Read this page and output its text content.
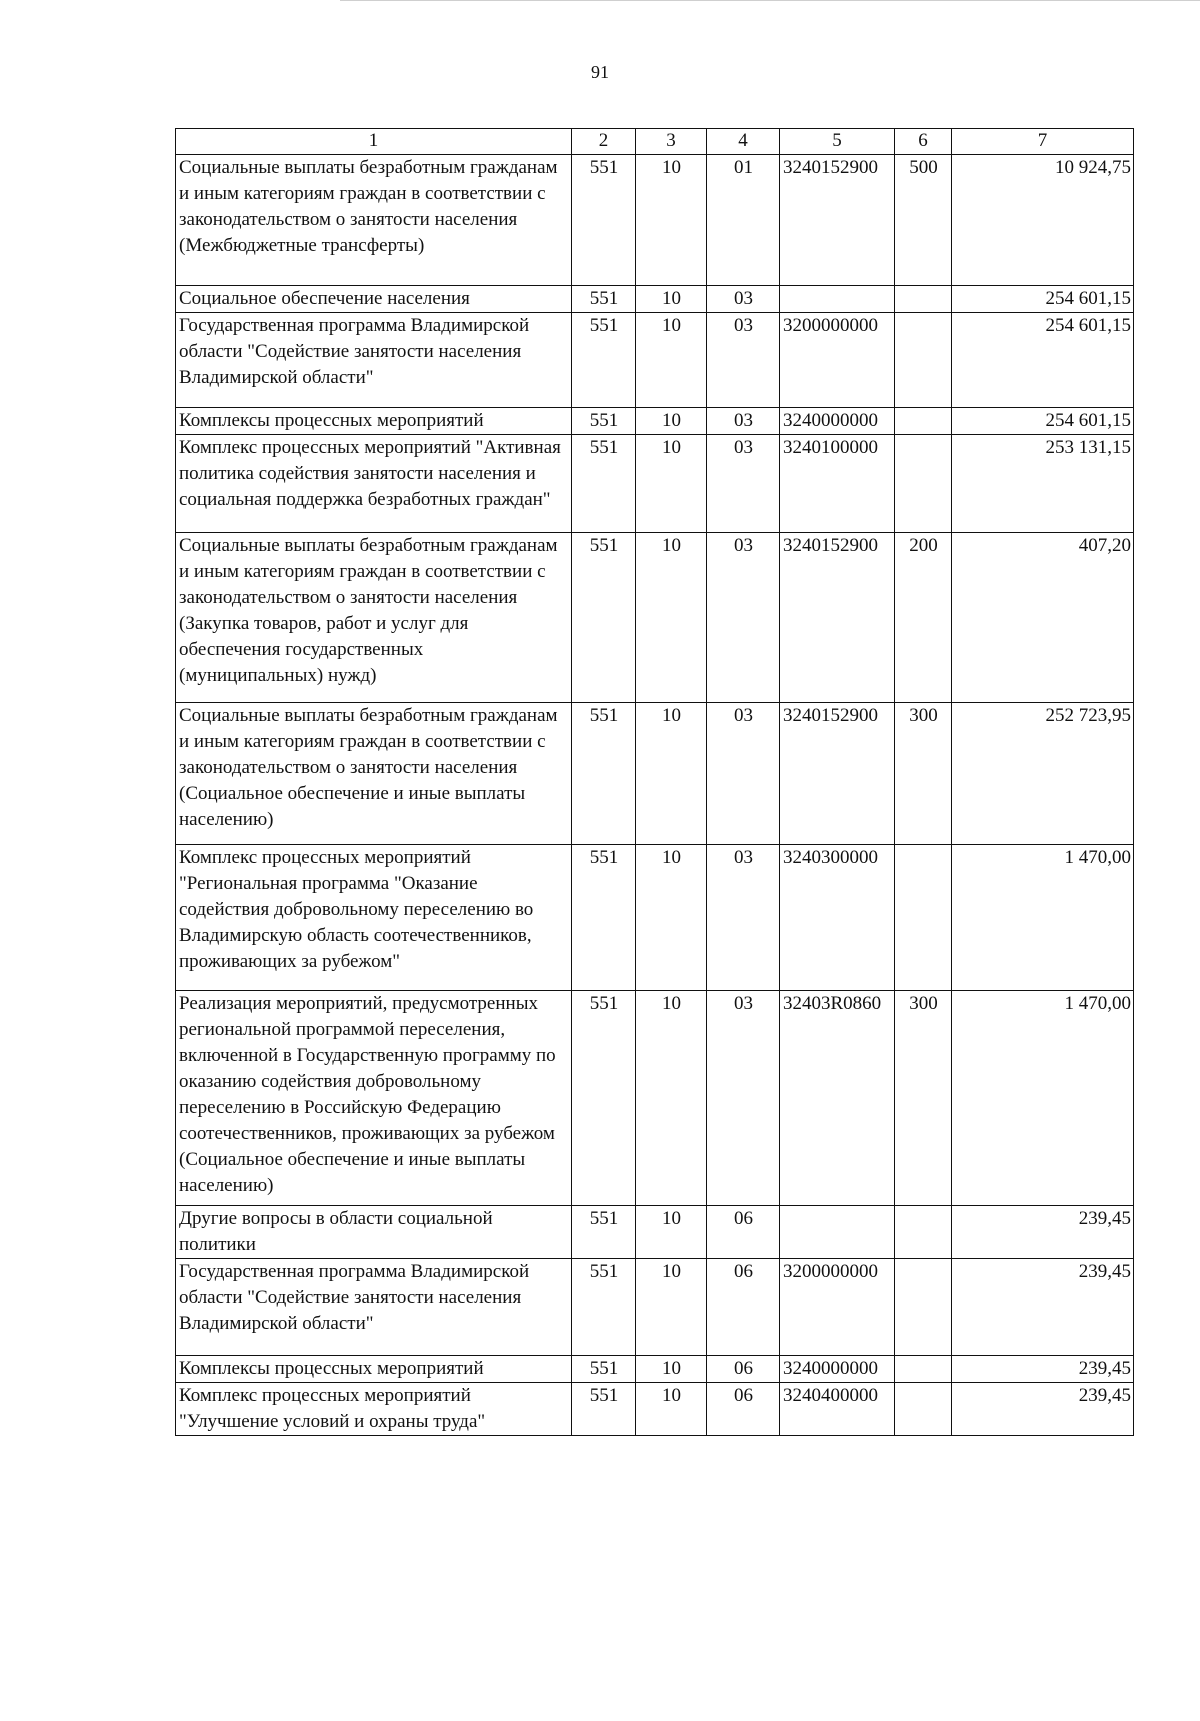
91
1	2	3	4	5	6	7
Социальные выплаты безработным гражданам и иным категориям граждан в соответствии с законодательством о занятости населения (Межбюджетные трансферты)	551	10	01	3240152900	500	10 924,75
Социальное обеспечение населения	551	10	03			254 601,15
Государственная программа Владимирской области "Содействие занятости населения Владимирской области"	551	10	03	3200000000		254 601,15
Комплексы процессных мероприятий	551	10	03	3240000000		254 601,15
Комплекс процессных мероприятий "Активная политика содействия занятости населения и социальная поддержка безработных граждан"	551	10	03	3240100000		253 131,15
Социальные выплаты безработным гражданам и иным категориям граждан в соответствии с законодательством о занятости населения (Закупка товаров, работ и услуг для обеспечения государственных (муниципальных) нужд)	551	10	03	3240152900	200	407,20
Социальные выплаты безработным гражданам и иным категориям граждан в соответствии с законодательством о занятости населения (Социальное обеспечение и иные выплаты населению)	551	10	03	3240152900	300	252 723,95
Комплекс процессных мероприятий "Региональная программа "Оказание содействия добровольному переселению во Владимирскую область соотечественников, проживающих за рубежом"	551	10	03	3240300000		1 470,00
Реализация мероприятий, предусмотренных региональной программой переселения, включенной в Государственную программу по оказанию содействия добровольному переселению в Российскую Федерацию соотечественников, проживающих за рубежом (Социальное обеспечение и иные выплаты населению)	551	10	03	32403R0860	300	1 470,00
Другие вопросы в области социальной политики	551	10	06			239,45
Государственная программа Владимирской области "Содействие занятости населения Владимирской области"	551	10	06	3200000000		239,45
Комплексы процессных мероприятий	551	10	06	3240000000		239,45
Комплекс процессных мероприятий "Улучшение условий и охраны труда"	551	10	06	3240400000		239,45
